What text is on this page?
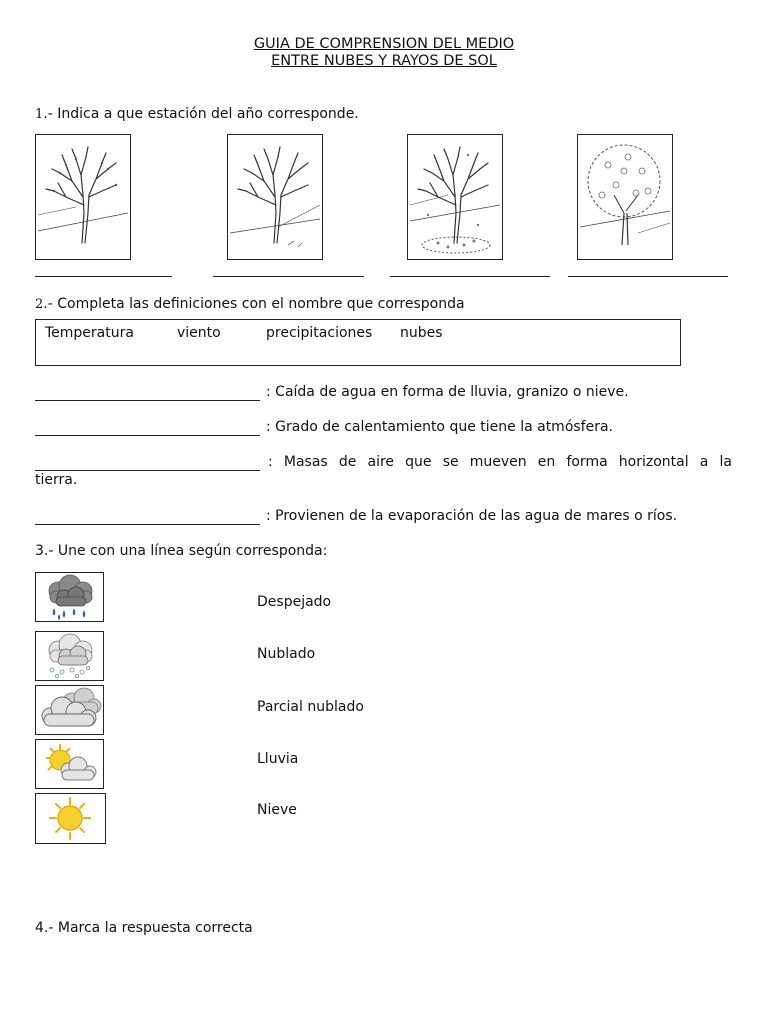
GUIA DE COMPRENSION DEL MEDIO
ENTRE NUBES Y RAYOS DE SOL
1.- Indica a que estación del año corresponde.
2.- Completa las definiciones con el nombre que corresponda
Temperatura	viento	precipitaciones nubes
: Caída de agua en forma de lluvia, granizo o nieve.
: Grado de calentamiento que tiene la atmósfera.
: Masas de aire que se mueven en forma horizontal a la
tierra.
: Provienen de la evaporación de las agua de mares o ríos.
3.- Une con una línea según corresponda:
Despejado
Nublado
Parcial nublado
Lluvia
Nieve
4.- Marca la respuesta correcta
